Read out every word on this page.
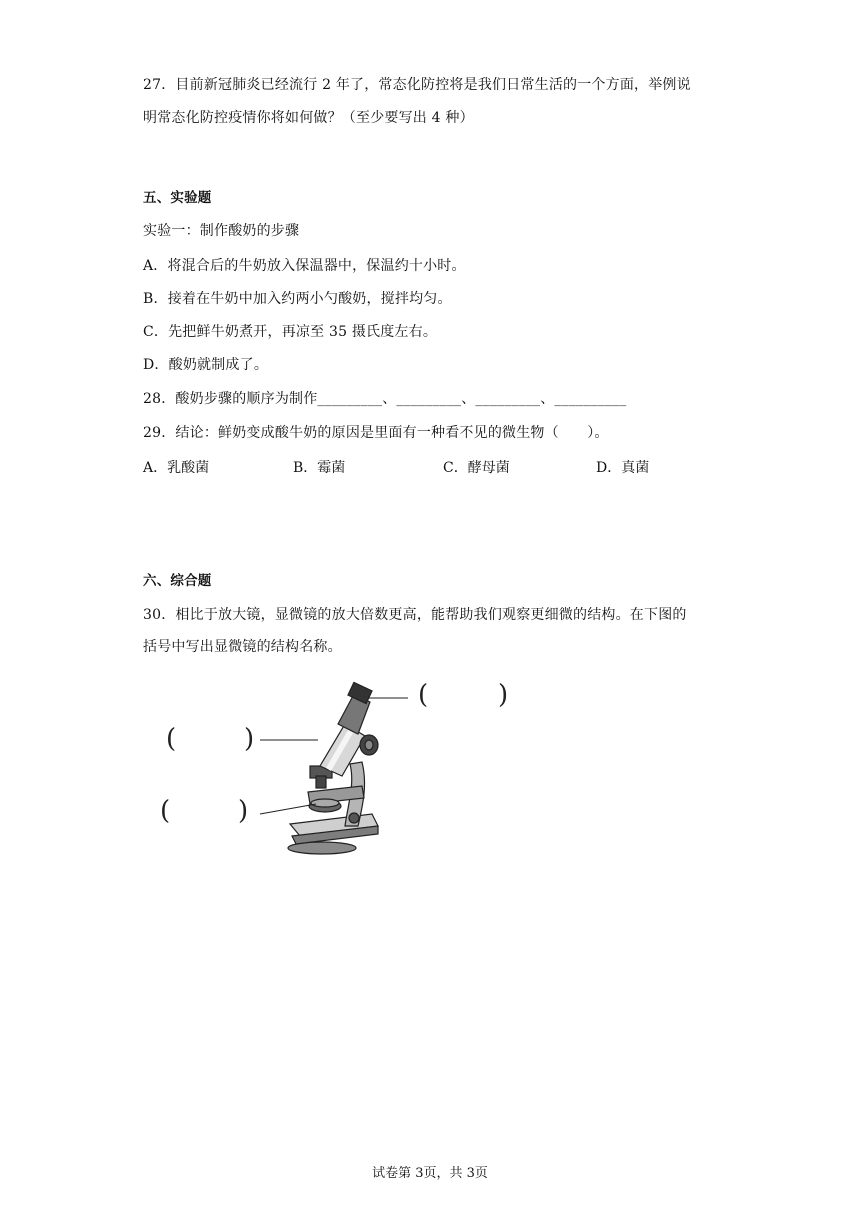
27．目前新冠肺炎已经流行 2 年了，常态化防控将是我们日常生活的一个方面，举例说
明常态化防控疫情你将如何做？（至少要写出 4 种）
五、实验题
实验一：制作酸奶的步骤
A．将混合后的牛奶放入保温器中，保温约十小时。
B．接着在牛奶中加入约两小勺酸奶，搅拌均匀。
C．先把鲜牛奶煮开，再凉至 35 摄氏度左右。
D．酸奶就制成了。
28．酸奶步骤的顺序为制作_________、_________、_________、__________
29．结论：鲜奶变成酸牛奶的原因是里面有一种看不见的微生物（　　）。
A．乳酸菌	B．霉菌	C．酵母菌	D．真菌
六、综合题
30．相比于放大镜，显微镜的放大倍数更高，能帮助我们观察更细微的结构。在下图的
括号中写出显微镜的结构名称。
(	)
(	)
(	)
试卷第 3页，共 3页
